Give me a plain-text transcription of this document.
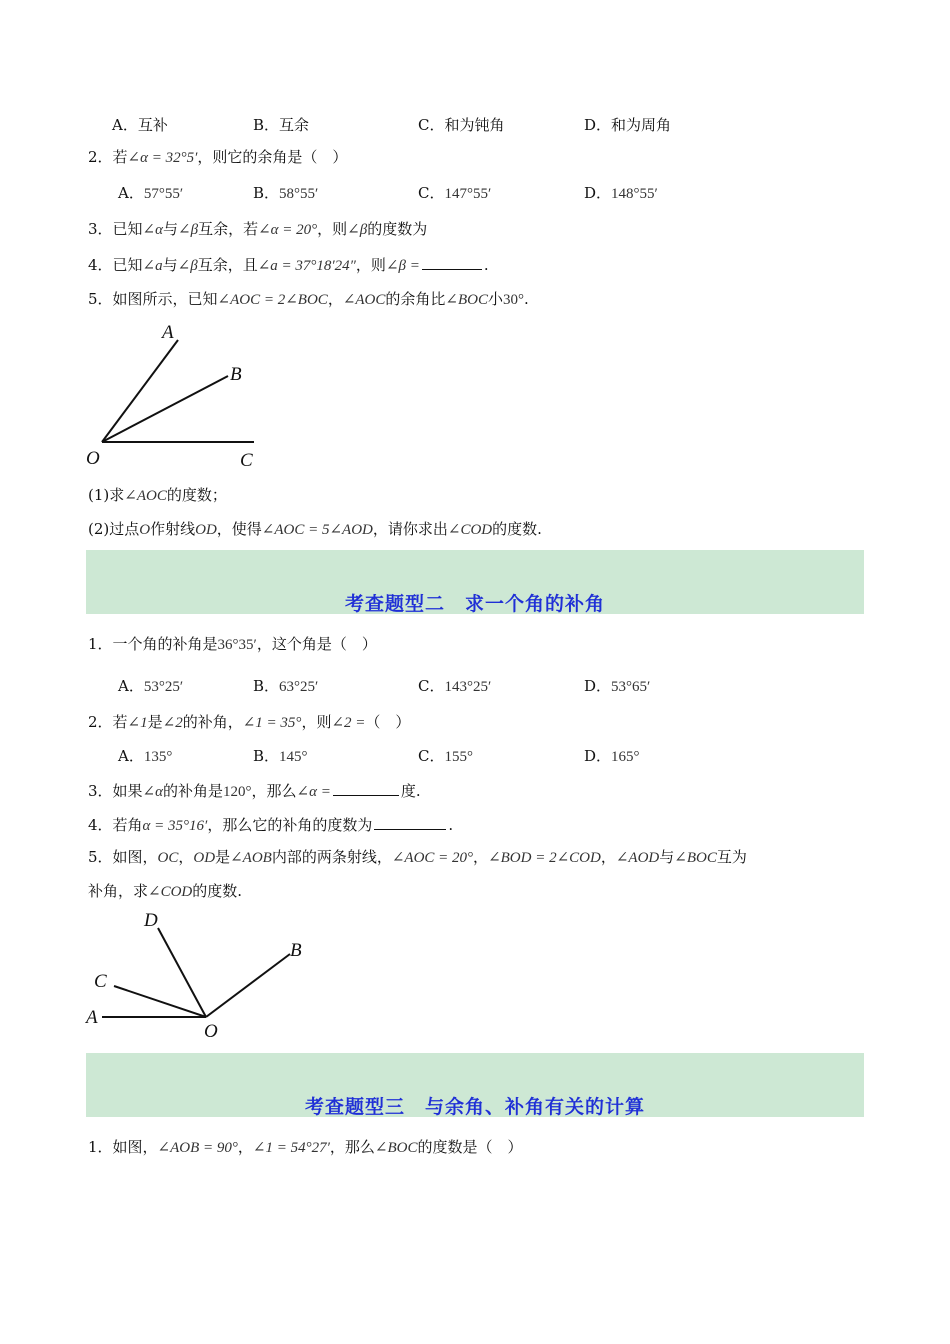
A．互补	B．互余	C．和为钝角	D．和为周角
2．若∠α = 32°5′，则它的余角是（　）
A．57°55′	B．58°55′	C．147°55′	D．148°55′
3．已知∠α与∠β互余，若∠α = 20°，则∠β的度数为
4．已知∠a与∠β互余，且∠a = 37°18′24″，则∠β =	.
5．如图所示，已知∠AOC = 2∠BOC，∠AOC的余角比∠BOC小30°.
A
B
O	C
(1)求∠AOC的度数；
(2)过点O作射线OD，使得∠AOC = 5∠AOD，请你求出∠COD的度数.
考查题型二　求一个角的补角
1．一个角的补角是36°35′，这个角是（　）
A．53°25′	B．63°25′	C．143°25′	D．53°65′
2．若∠1是∠2的补角，∠1 = 35°，则∠2 =（　）
A．135°	B．145°	C．155°	D．165°
3．如果∠α的补角是120°，那么∠α =	度.
4．若角α = 35°16′，那么它的补角的度数为	.
5．如图，OC，OD是∠AOB内部的两条射线，∠AOC = 20°，∠BOD = 2∠COD，∠AOD与∠BOC互为
补角，求∠COD的度数.
D
B
C
A
O
考查题型三　与余角、补角有关的计算
1．如图，∠AOB = 90°，∠1 = 54°27′，那么∠BOC的度数是（　）
